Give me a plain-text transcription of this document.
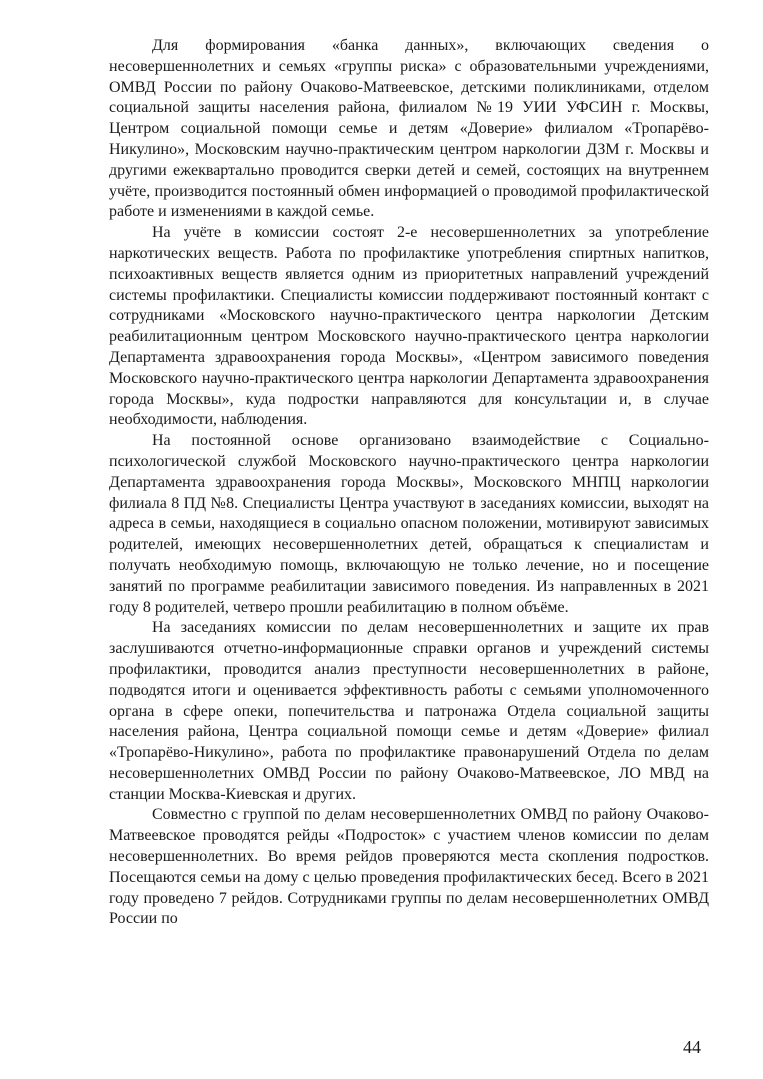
Для формирования «банка данных», включающих сведения о несовершеннолетних и семьях «группы риска» с образовательными учреждениями, ОМВД России по району Очаково-Матвеевское, детскими поликлиниками, отделом социальной защиты населения района, филиалом №19 УИИ УФСИН г. Москвы, Центром социальной помощи семье и детям «Доверие» филиалом «Тропарёво-Никулино», Московским научно-практическим центром наркологии ДЗМ г. Москвы и другими ежеквартально проводится сверки детей и семей, состоящих на внутреннем учёте, производится постоянный обмен информацией о проводимой профилактической работе и изменениями в каждой семье.

На учёте в комиссии состоят 2-е несовершеннолетних за употребление наркотических веществ. Работа по профилактике употребления спиртных напитков, психоактивных веществ является одним из приоритетных направлений учреждений системы профилактики. Специалисты комиссии поддерживают постоянный контакт с сотрудниками «Московского научно-практического центра наркологии Детским реабилитационным центром Московского научно-практического центра наркологии Департамента здравоохранения города Москвы», «Центром зависимого поведения Московского научно-практического центра наркологии Департамента здравоохранения города Москвы», куда подростки направляются для консультации и, в случае необходимости, наблюдения.

На постоянной основе организовано взаимодействие с Социально-психологической службой Московского научно-практического центра наркологии Департамента здравоохранения города Москвы», Московского МНПЦ наркологии филиала 8 ПД №8. Специалисты Центра участвуют в заседаниях комиссии, выходят на адреса в семьи, находящиеся в социально опасном положении, мотивируют зависимых родителей, имеющих несовершеннолетних детей, обращаться к специалистам и получать необходимую помощь, включающую не только лечение, но и посещение занятий по программе реабилитации зависимого поведения. Из направленных в 2021 году 8 родителей, четверо прошли реабилитацию в полном объёме.

На заседаниях комиссии по делам несовершеннолетних и защите их прав заслушиваются отчетно-информационные справки органов и учреждений системы профилактики, проводится анализ преступности несовершеннолетних в районе, подводятся итоги и оценивается эффективность работы с семьями уполномоченного органа в сфере опеки, попечительства и патронажа Отдела социальной защиты населения района, Центра социальной помощи семье и детям «Доверие» филиал «Тропарёво-Никулино», работа по профилактике правонарушений Отдела по делам несовершеннолетних ОМВД России по району Очаково-Матвеевское, ЛО МВД на станции Москва-Киевская и других.

Совместно с группой по делам несовершеннолетних ОМВД по району Очаково-Матвеевское проводятся рейды «Подросток» с участием членов комиссии по делам несовершеннолетних. Во время рейдов проверяются места скопления подростков. Посещаются семьи на дому с целью проведения профилактических бесед. Всего в 2021 году проведено 7 рейдов. Сотрудниками группы по делам несовершеннолетних ОМВД России по

44
